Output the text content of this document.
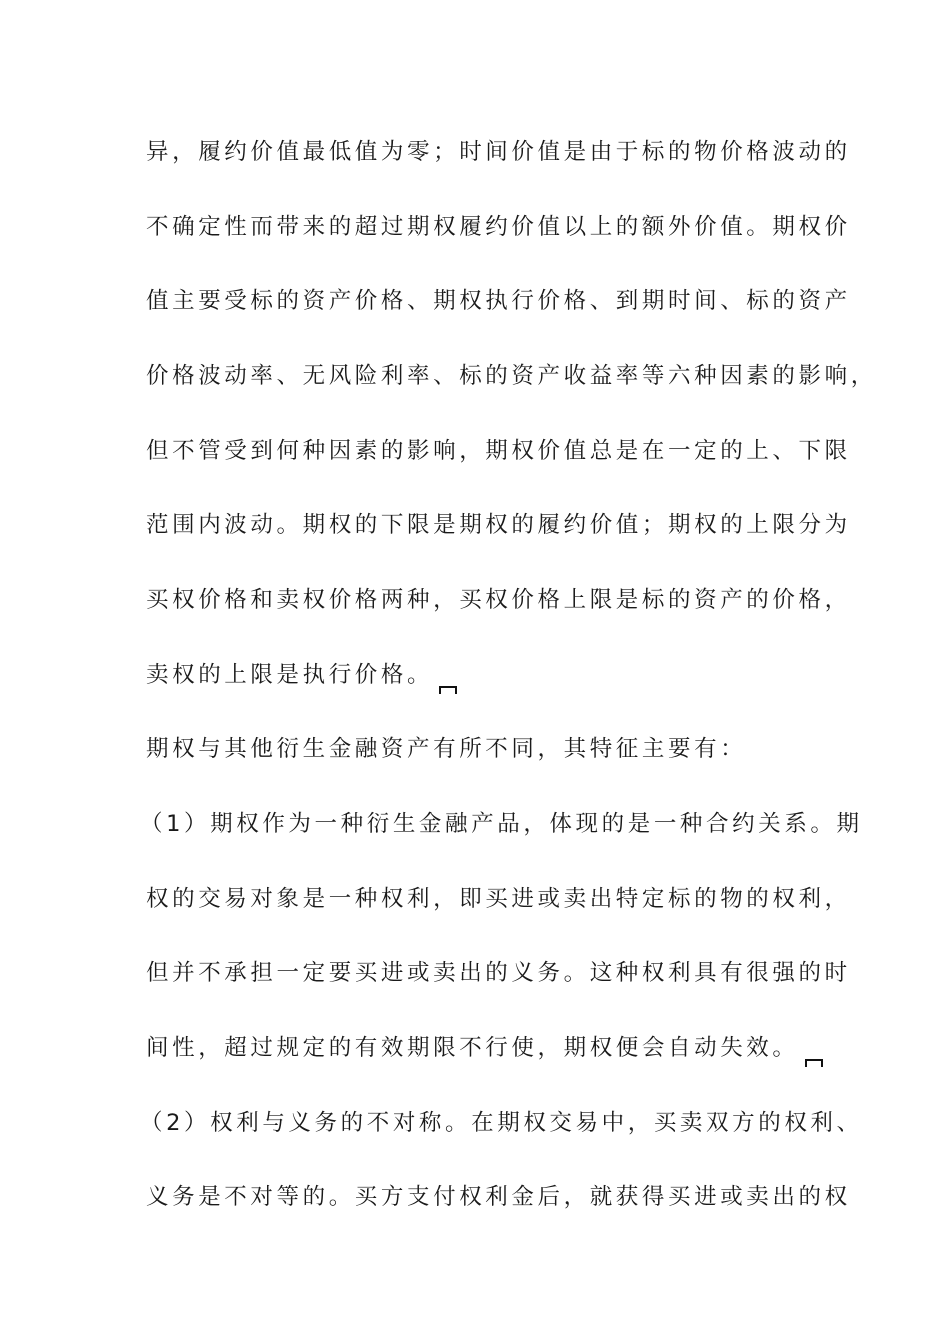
异，履约价值最低值为零；时间价值是由于标的物价格波动的
不确定性而带来的超过期权履约价值以上的额外价值。期权价
值主要受标的资产价格、期权执行价格、到期时间、标的资产
价格波动率、无风险利率、标的资产收益率等六种因素的影响，
但不管受到何种因素的影响，期权价值总是在一定的上、下限
范围内波动。期权的下限是期权的履约价值；期权的上限分为
买权价格和卖权价格两种，买权价格上限是标的资产的价格，
卖权的上限是执行价格。
期权与其他衍生金融资产有所不同，其特征主要有：
（1）期权作为一种衍生金融产品，体现的是一种合约关系。期
权的交易对象是一种权利，即买进或卖出特定标的物的权利，
但并不承担一定要买进或卖出的义务。这种权利具有很强的时
间性，超过规定的有效期限不行使，期权便会自动失效。
（2）权利与义务的不对称。在期权交易中，买卖双方的权利、
义务是不对等的。买方支付权利金后，就获得买进或卖出的权
